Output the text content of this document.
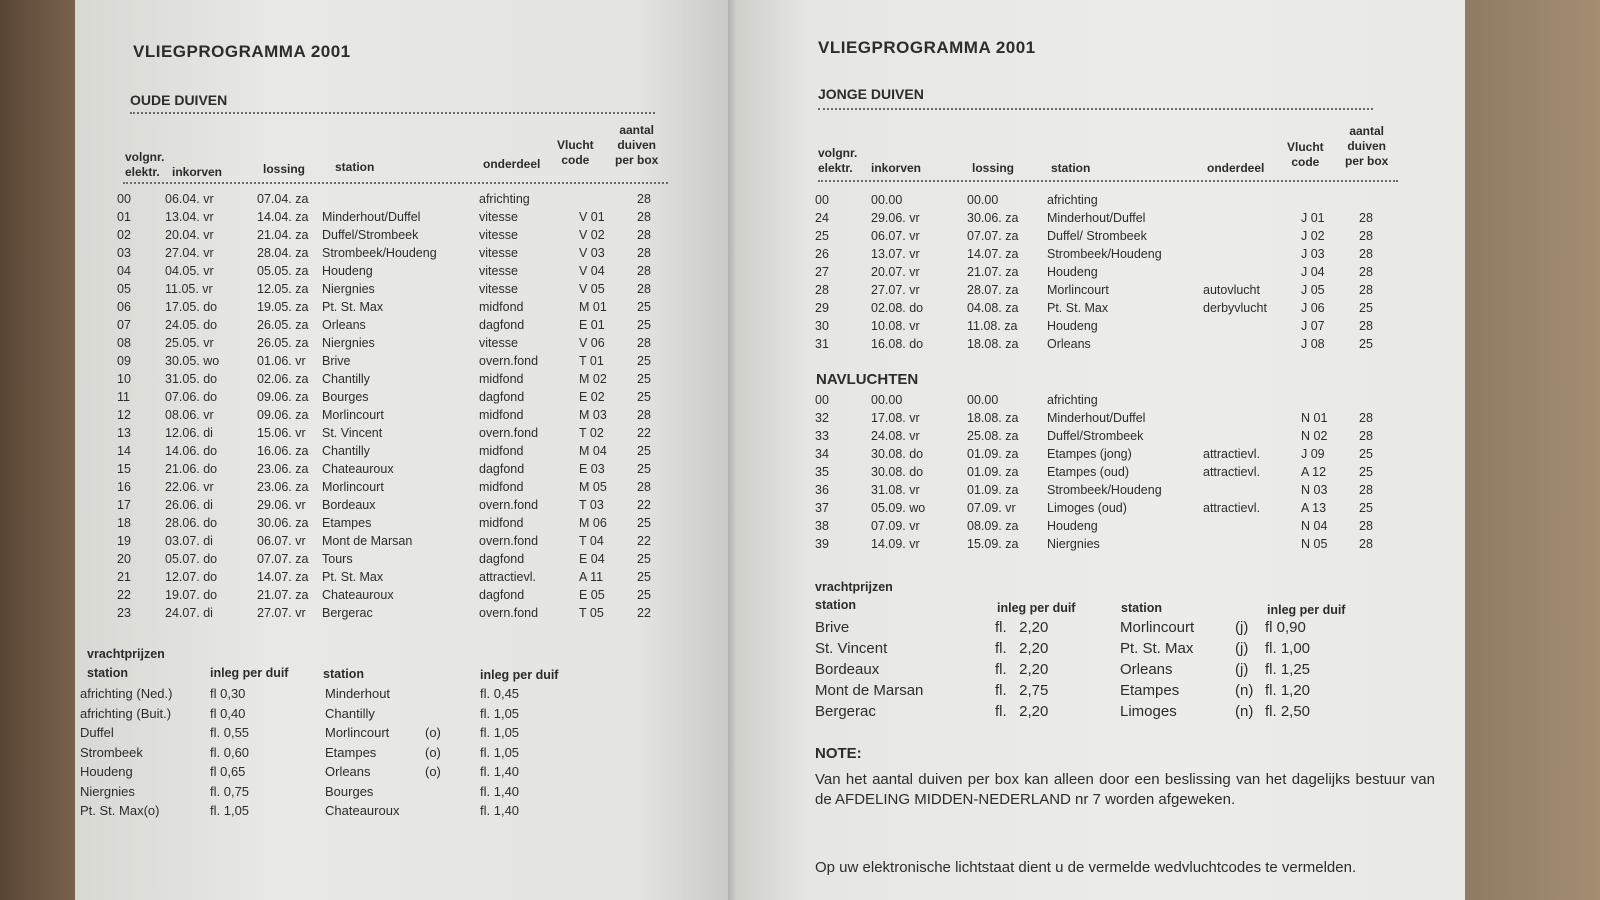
VLIEGPROGRAMMA 2001
OUDE DUIVEN
volgnr.
elektr.	inkorven	lossing station	onderdeel
Vlucht
code
aantal
duiven
per box
00	06.04. vr	07.04. za	africhting	28
01	13.04. vr	14.04. za Minderhout/Duffel	vitesse	V 01	28
02	20.04. vr	21.04. za Duffel/Strombeek	vitesse	V 02	28
03	27.04. vr	28.04. za Strombeek/Houdeng	vitesse	V 03	28
04	04.05. vr	05.05. za Houdeng	vitesse	V 04	28
05	11.05. vr	12.05. za Niergnies	vitesse	V 05	28
06	17.05. do	19.05. za Pt. St. Max	midfond	M 01 25
07	24.05. do	26.05. za Orleans	dagfond	E 01	25
08	25.05. vr	26.05. za Niergnies	vitesse	V 06	28
09	30.05. wo	01.06. vr Brive	overn.fond	T 01	25
10	31.05. do	02.06. za Chantilly	midfond	M 02 25
11	07.06. do	09.06. za Bourges	dagfond	E 02	25
12	08.06. vr	09.06. za Morlincourt	midfond	M 03 28
13	12.06. di	15.06. vr St. Vincent	overn.fond	T 02	22
14	14.06. do	16.06. za Chantilly	midfond	M 04 25
15	21.06. do	23.06. za Chateauroux	dagfond	E 03	25
16	22.06. vr	23.06. za Morlincourt	midfond	M 05 28
17	26.06. di	29.06. vr Bordeaux	overn.fond	T 03	22
18	28.06. do	30.06. za Etampes	midfond	M 06 25
19	03.07. di	06.07. vr Mont de Marsan	overn.fond	T 04	22
20	05.07. do	07.07. za Tours	dagfond	E 04	25
21	12.07. do	14.07. za Pt. St. Max	attractievl.	A 11	25
22	19.07. do	21.07. za Chateauroux	dagfond	E 05	25
23	24.07. di	27.07. vr Bergerac	overn.fond	T 05	22
vrachtprijzen
station	inleg per duif	station	inleg per duif
africhting (Ned.)	fl 0,30	Minderhout	fl. 0,45
africhting (Buit.)	fl 0,40	Chantilly	fl. 1,05
Duffel	fl. 0,55	Morlincourt	(o)	fl. 1,05
Strombeek	fl. 0,60	Etampes	(o)	fl. 1,05
Houdeng	fl 0,65	Orleans	(o)	fl. 1,40
Niergnies	fl. 0,75	Bourges	fl. 1,40
Pt. St. Max(o)	fl. 1,05	Chateauroux	fl. 1,40
VLIEGPROGRAMMA 2001
JONGE DUIVEN
volgnr.
elektr.	inkorven	lossing	station	onderdeel
Vlucht
code
aantal
duiven
per box
00	00.00	00.00	africhting
24	29.06. vr	30.06. za Minderhout/Duffel	J 01	28
25	06.07. vr	07.07. za Duffel/ Strombeek	J 02	28
26	13.07. vr	14.07. za Strombeek/Houdeng	J 03	28
27	20.07. vr	21.07. za Houdeng	J 04	28
28	27.07. vr	28.07. za Morlincourt	autovlucht	J 05	28
29	02.08. do	04.08. za Pt. St. Max	derbyvlucht	J 06	25
30	10.08. vr	11.08. za Houdeng	J 07	28
31	16.08. do	18.08. za Orleans	J 08	25
NAVLUCHTEN
00	00.00	00.00	africhting
32	17.08. vr	18.08. za Minderhout/Duffel	N 01	28
33	24.08. vr	25.08. za Duffel/Strombeek	N 02	28
34	30.08. do	01.09. za Etampes (jong)	attractievl.	J 09	25
35	30.08. do	01.09. za Etampes (oud)	attractievl.	A 12	25
36	31.08. vr	01.09. za Strombeek/Houdeng	N 03	28
37	05.09. wo	07.09. vr	Limoges (oud)	attractievl.	A 13	25
38	07.09. vr	08.09. za Houdeng	N 04	28
39	14.09. vr	15.09. za Niergnies	N 05	28
vrachtprijzen
station	inleg per duif	station	inleg per duif
Brive	fl.   2,20	Morlincourt	(j) fl 0,90
St. Vincent	fl.   2,20	Pt. St. Max	(j) fl. 1,00
Bordeaux	fl.   2,20	Orleans	(j) fl. 1,25
Mont de Marsan	fl.   2,75	Etampes	(n) fl. 1,20
Bergerac	fl.   2,20	Limoges	(n) fl. 2,50
NOTE:
Van het aantal duiven per box kan alleen door een beslissing van het dagelijks bestuur van de AFDELING MIDDEN-NEDERLAND nr 7 worden afgeweken.
Op uw elektronische lichtstaat dient u de vermelde wedvluchtcodes te vermelden.
